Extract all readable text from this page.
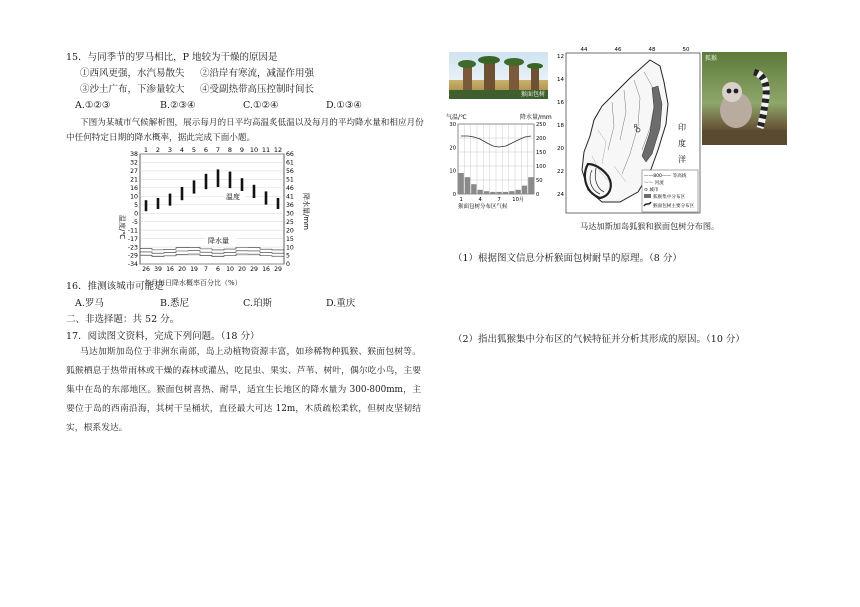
15．与同季节的罗马相比，P 地较为干燥的原因是
①西风更强，水汽易散失 ②沿岸有寒流，减湿作用强
③沙土广布，下渗量较大 ④受副热带高压控制时间长
A.①②③	B.②③④	C.①②④	D.①③④
下图为某城市气候解析图，展示每月的日平均高温炙低温以及每月的平均降水量和相应月份
中任何特定日期的降水概率，据此完成下面小题。
1 2 3 4 5 6 7 8 9 10 11 12
38
32
27
21
16
10
5
0
-5
-11
-17
-23
-29
-34
66
61
56
51
46
41
36
30
25
20
15
10
5
0
26 39 16 20 19 7 6 10 20 29 16 29
温度/℃	降水量/mm
温度
降水量
各月每日降水概率百分比（%）
16．推测该城市可能是
A.罗马	B.悉尼	C.珀斯	D.重庆
二、非选择题：共 52 分。
17．阅读图文资料，完成下列问题。（18 分）
马达加斯加岛位于非洲东南部，岛上动植物资源丰富，如珍稀物种狐猴、猴面包树等。狐猴栖息于热带雨林或干燥的森林或灌丛，吃昆虫、果实、芦苇、树叶，偶尔吃小鸟，主要集中在岛的东部地区。猴面包树喜热、耐旱，适宜生长地区的降水量为 300-800mm，主要位于岛的西南沿海，其树干呈桶状，直径最大可达 12m，木质疏松柔软，但树皮坚韧结实，根系发达。
猴面包树
气温/℃	降水量/mm
30
20
10
0
250
200
150
100
50
0
1	4	7 10月
猴面包树分布区气候
44	46	48	50
12
14
16
18
20
22
24
R	印
度
洋
——800—— 等高线
～～ 河流
⊙ 城市
狐猴集中分布区
猴面包树主要分布区
狐猴
马达加斯加岛狐猴和猴面包树分布图。
（1）根据图文信息分析猴面包树耐旱的原理。（8 分）
（2）指出狐猴集中分布区的气候特征并分析其形成的原因。（10 分）
